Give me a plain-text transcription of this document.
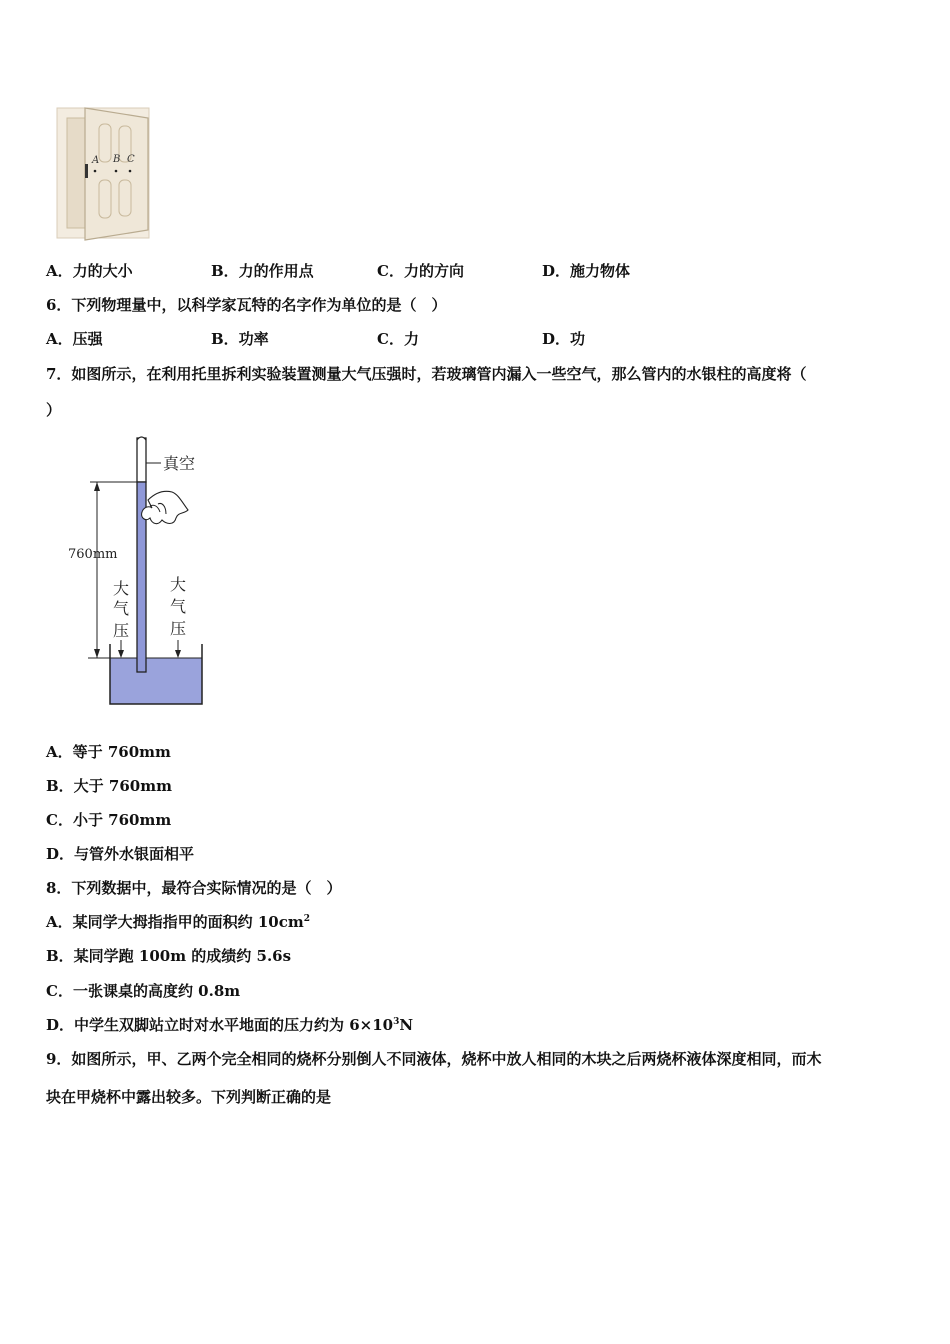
A B C
A．力的大小	B．力的作用点	C．力的方向	D．施力物体
6．下列物理量中，以科学家瓦特的名字作为单位的是（　）
A．压强	B．功率	C．力	D．功
7．如图所示，在利用托里拆利实验装置测量大气压强时，若玻璃管内漏入一些空气，那么管内的水银柱的高度将（
）
真空
760mm
大
气
压
大
气
压
A．等于 760mm
B．大于 760mm
C．小于 760mm
D．与管外水银面相平
8．下列数据中，最符合实际情况的是（　）
A．某同学大拇指指甲的面积约 $10cm^2$
B．某同学跑 100m 的成绩约 5.6s
C．一张课桌的高度约 0.8m
D．中学生双脚站立时对水平地面的压力约为 $6\times 10^3N$
9．如图所示，甲、乙两个完全相同的烧杯分别倒人不同液体，烧杯中放人相同的木块之后两烧杯液体深度相同，而木
块在甲烧杯中露出较多。下列判断正确的是
